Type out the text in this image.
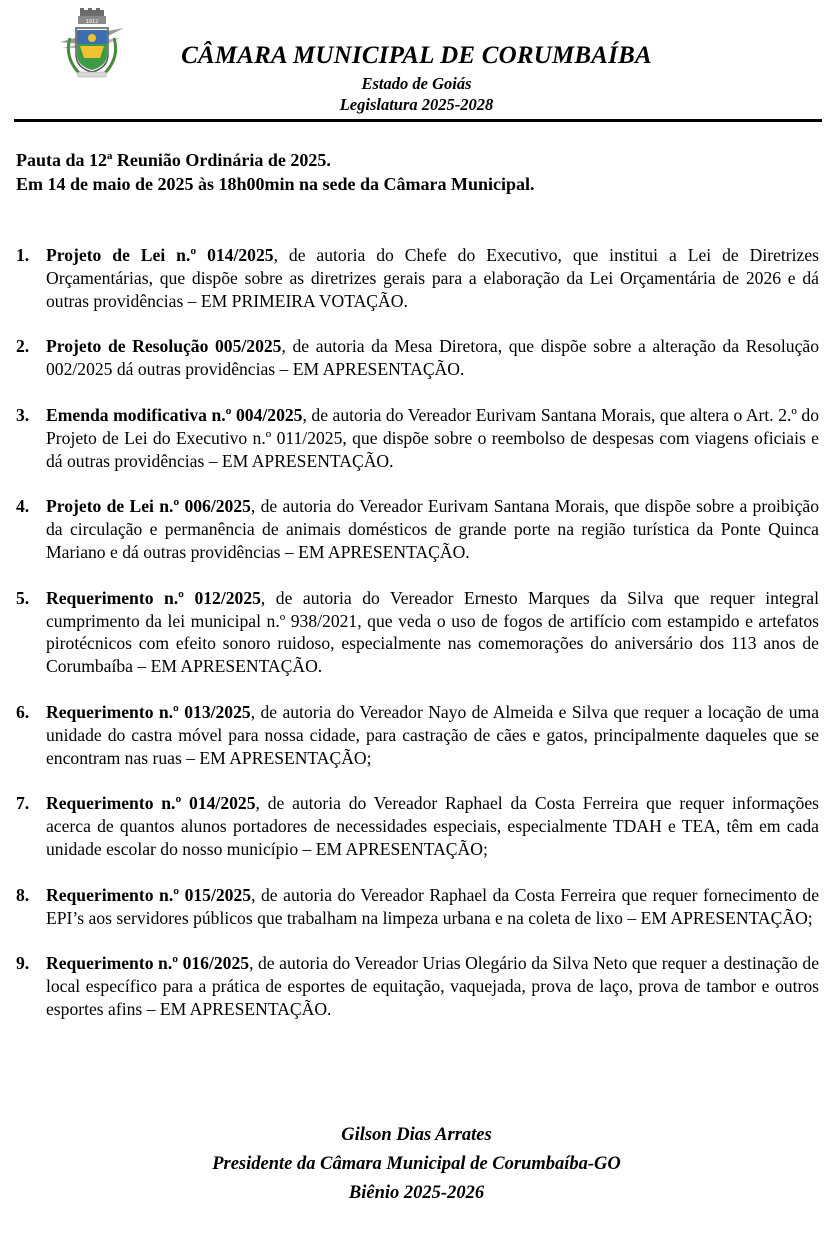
1912
CÂMARA MUNICIPAL DE CORUMBAÍBA
Estado de Goiás
Legislatura 2025-2028
Pauta da 12ª Reunião Ordinária de 2025.
Em 14 de maio de 2025 às 18h00min na sede da Câmara Municipal.
1. Projeto de Lei n.º 014/2025, de autoria do Chefe do Executivo, que institui a Lei de Diretrizes Orçamentárias, que dispõe sobre as diretrizes gerais para a elaboração da Lei Orçamentária de 2026 e dá outras providências – EM PRIMEIRA VOTAÇÃO.
2. Projeto de Resolução 005/2025, de autoria da Mesa Diretora, que dispõe sobre a alteração da Resolução 002/2025 dá outras providências – EM APRESENTAÇÃO.
3. Emenda modificativa n.º 004/2025, de autoria do Vereador Eurivam Santana Morais, que altera o Art. 2.º do Projeto de Lei do Executivo n.º 011/2025, que dispõe sobre o reembolso de despesas com viagens oficiais e dá outras providências – EM APRESENTAÇÃO.
4. Projeto de Lei n.º 006/2025, de autoria do Vereador Eurivam Santana Morais, que dispõe sobre a proibição da circulação e permanência de animais domésticos de grande porte na região turística da Ponte Quinca Mariano e dá outras providências – EM APRESENTAÇÃO.
5. Requerimento n.º 012/2025, de autoria do Vereador Ernesto Marques da Silva que requer integral cumprimento da lei municipal n.º 938/2021, que veda o uso de fogos de artifício com estampido e artefatos pirotécnicos com efeito sonoro ruidoso, especialmente nas comemorações do aniversário dos 113 anos de Corumbaíba – EM APRESENTAÇÃO.
6. Requerimento n.º 013/2025, de autoria do Vereador Nayo de Almeida e Silva que requer a locação de uma unidade do castra móvel para nossa cidade, para castração de cães e gatos, principalmente daqueles que se encontram nas ruas – EM APRESENTAÇÃO;
7. Requerimento n.º 014/2025, de autoria do Vereador Raphael da Costa Ferreira que requer informações acerca de quantos alunos portadores de necessidades especiais, especialmente TDAH e TEA, têm em cada unidade escolar do nosso município – EM APRESENTAÇÃO;
8. Requerimento n.º 015/2025, de autoria do Vereador Raphael da Costa Ferreira que requer fornecimento de EPI’s aos servidores públicos que trabalham na limpeza urbana e na coleta de lixo – EM APRESENTAÇÃO;
9. Requerimento n.º 016/2025, de autoria do Vereador Urias Olegário da Silva Neto que requer a destinação de local específico para a prática de esportes de equitação, vaquejada, prova de laço, prova de tambor e outros esportes afins – EM APRESENTAÇÃO.
Gilson Dias Arrates
Presidente da Câmara Municipal de Corumbaíba-GO
Biênio 2025-2026
